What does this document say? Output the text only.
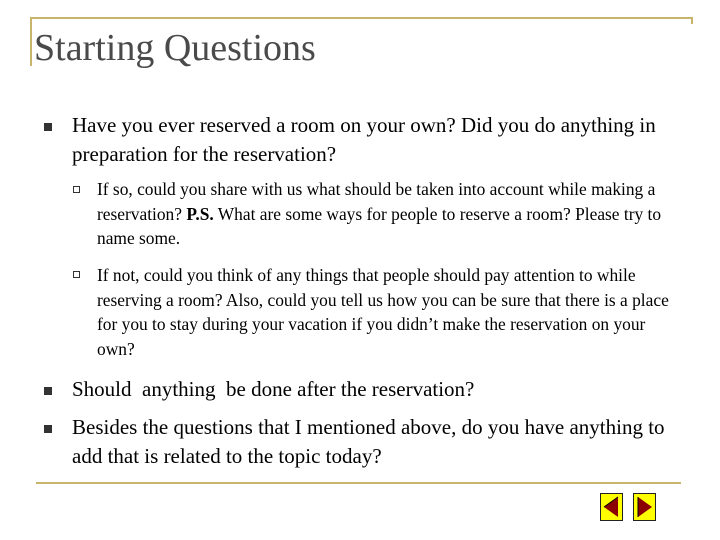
Starting Questions
Have you ever reserved a room on your own? Did you do anything in preparation for the reservation?
If so, could you share with us what should be taken into account while making a reservation? P.S. What are some ways for people to reserve a room? Please try to name some.
If not, could you think of any things that people should pay attention to while reserving a room? Also, could you tell us how you can be sure that there is a place for you to stay during your vacation if you didn’t make the reservation on your own?
Should  anything  be done after the reservation?
Besides the questions that I mentioned above, do you have anything to add that is related to the topic today?
